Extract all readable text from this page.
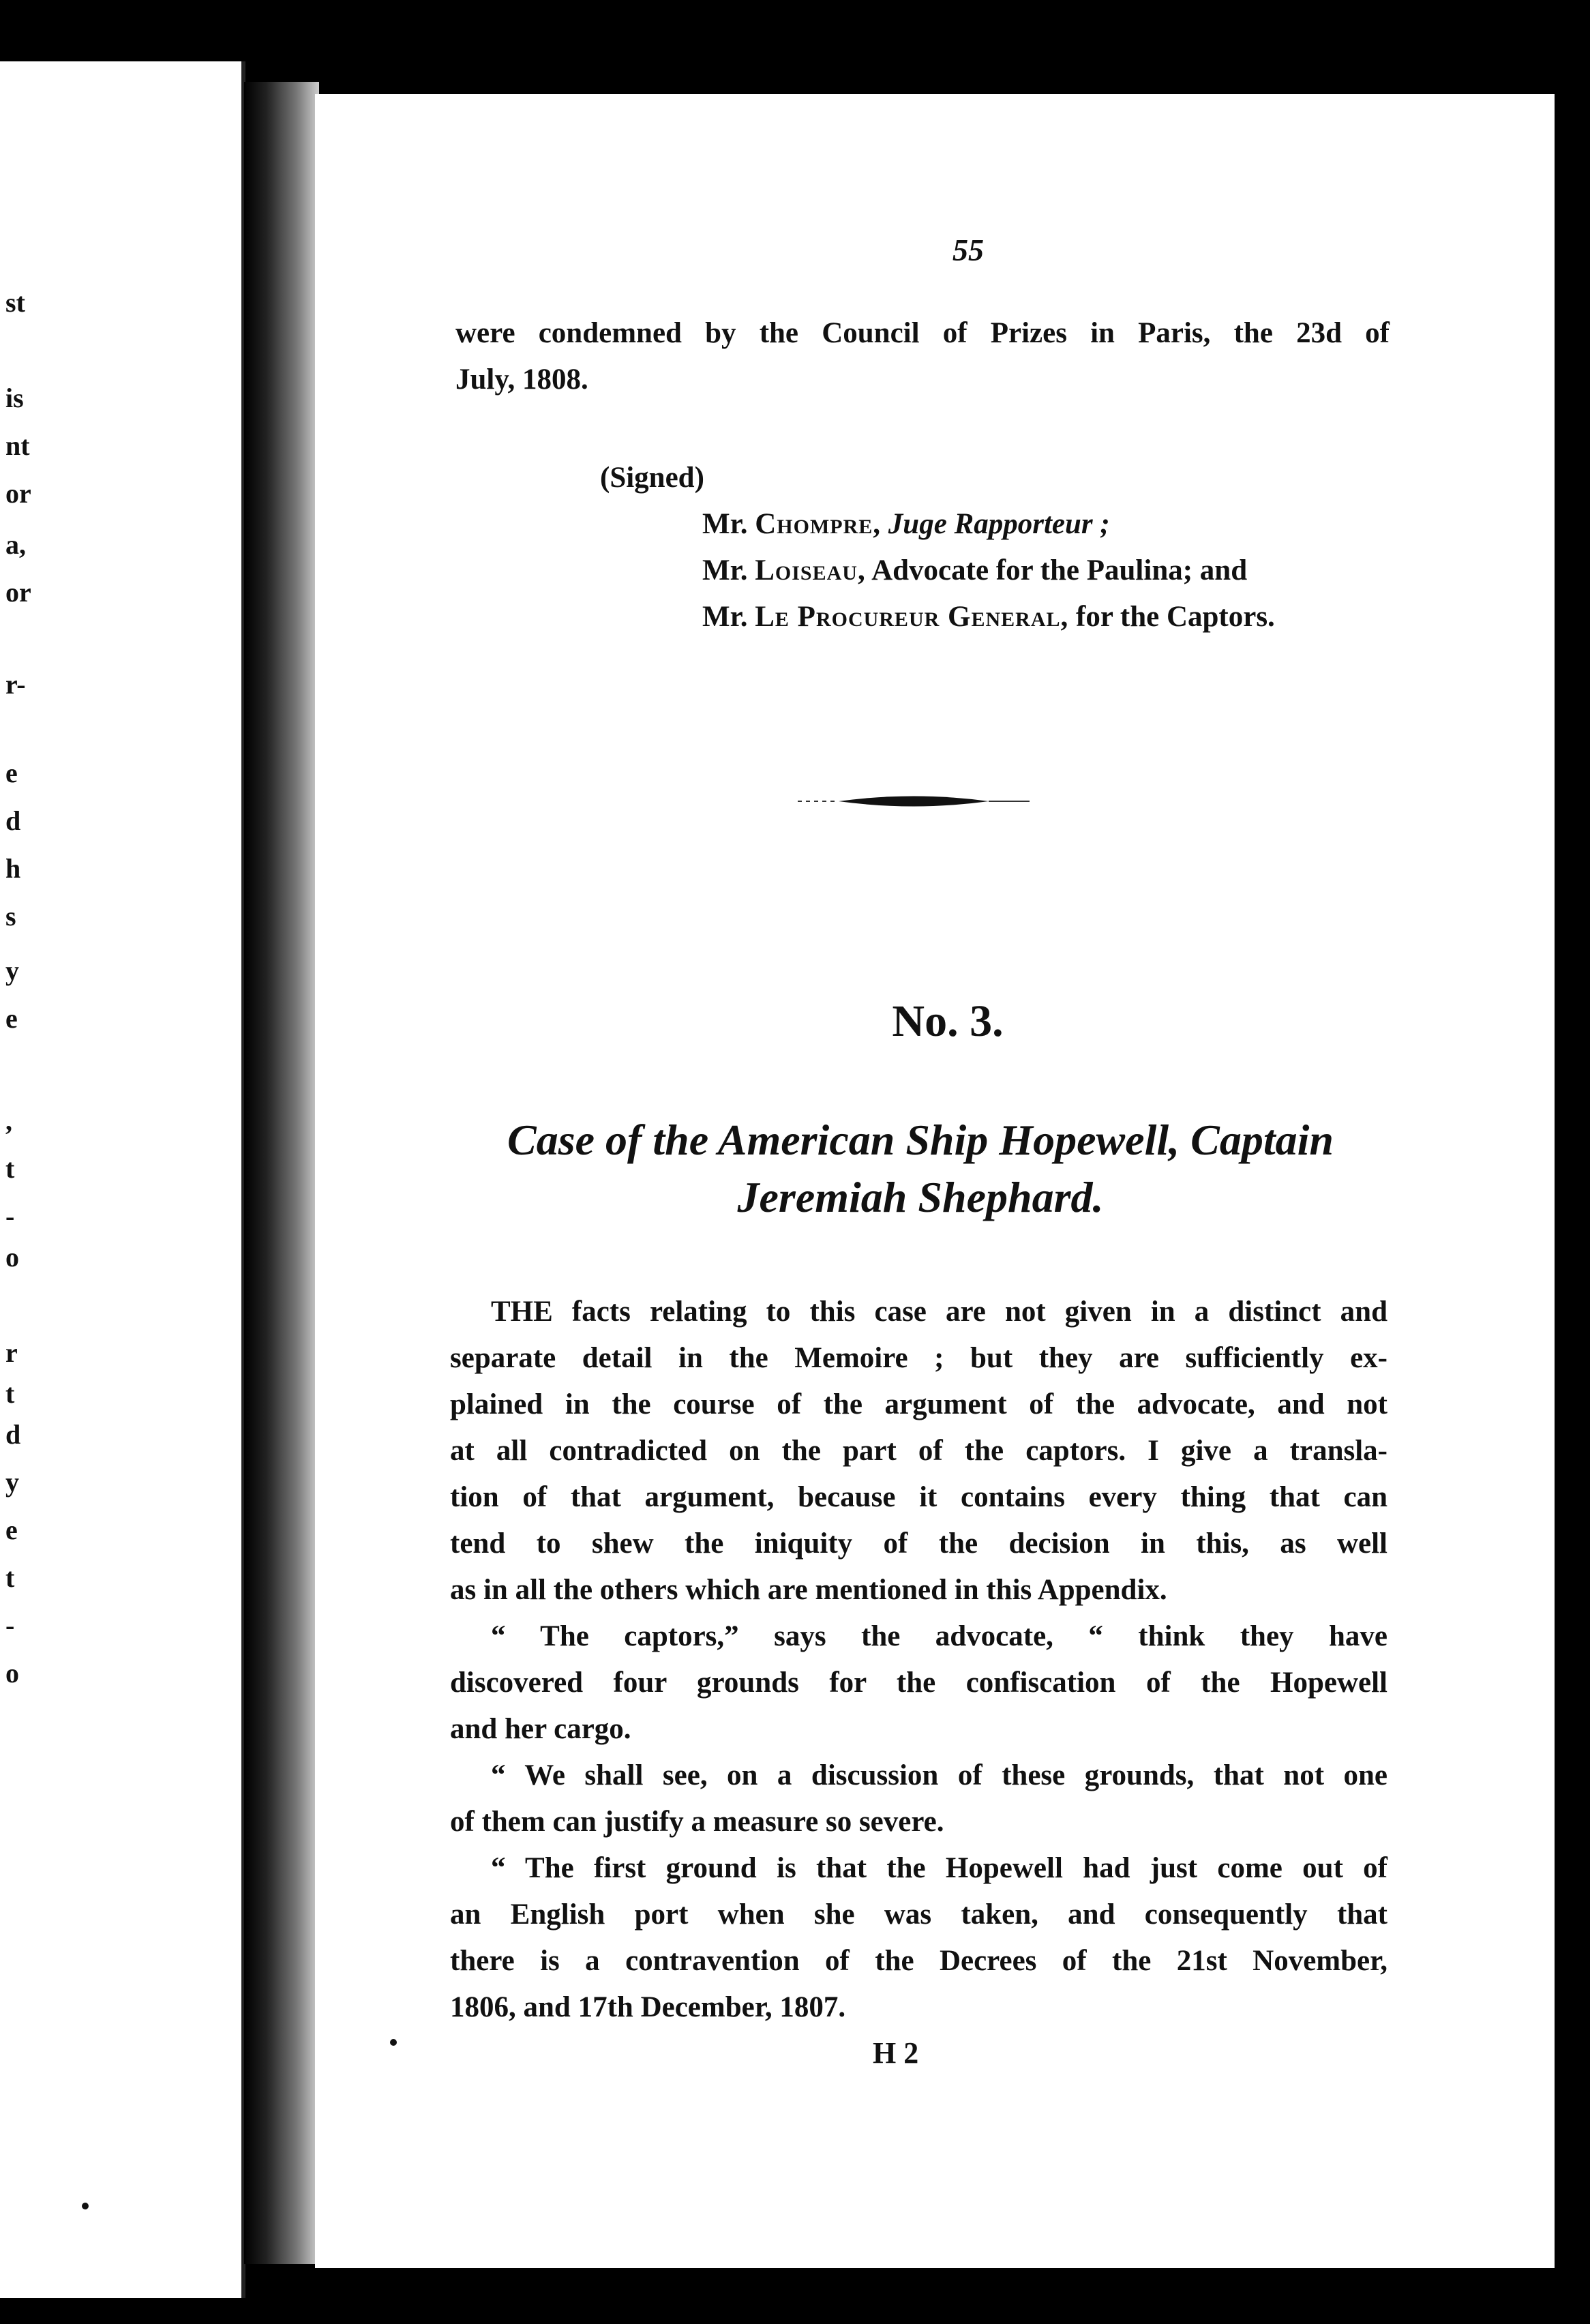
55

were condemned by the Council of Prizes in Paris, the 23d of

July, 1808.

(Signed)
Mr. Chompre, Juge Rapporteur ;
Mr. Loiseau, Advocate for the Paulina; and
Mr. Le Procureur General, for the Captors.
No. 3.
Case of the American Ship Hopewell, Captain
Jeremiah Shephard.

THE facts relating to this case are not given in a distinct and

separate detail in the Memoire ; but they are sufficiently ex-

plained in the course of the argument of the advocate, and not

at all contradicted on the part of the captors. I give a transla-

tion of that argument, because it contains every thing that can

tend to shew the iniquity of the decision in this, as well

as in all the others which are mentioned in this Appendix.

“ The captors,” says the advocate, “ think they have

discovered four grounds for the confiscation of the Hopewell

and her cargo.

“ We shall see, on a discussion of these grounds, that not one

of them can justify a measure so severe.

“ The first ground is that the Hopewell had just come out of

an English port when she was taken, and consequently that

there is a contravention of the Decrees of the 21st November,

1806, and 17th December, 1807.

H 2
st
is
nt
or
a,
or
r-
e
d
h
s
y
e
,
t
-
o
r
t
d
y
e
t
-
o
